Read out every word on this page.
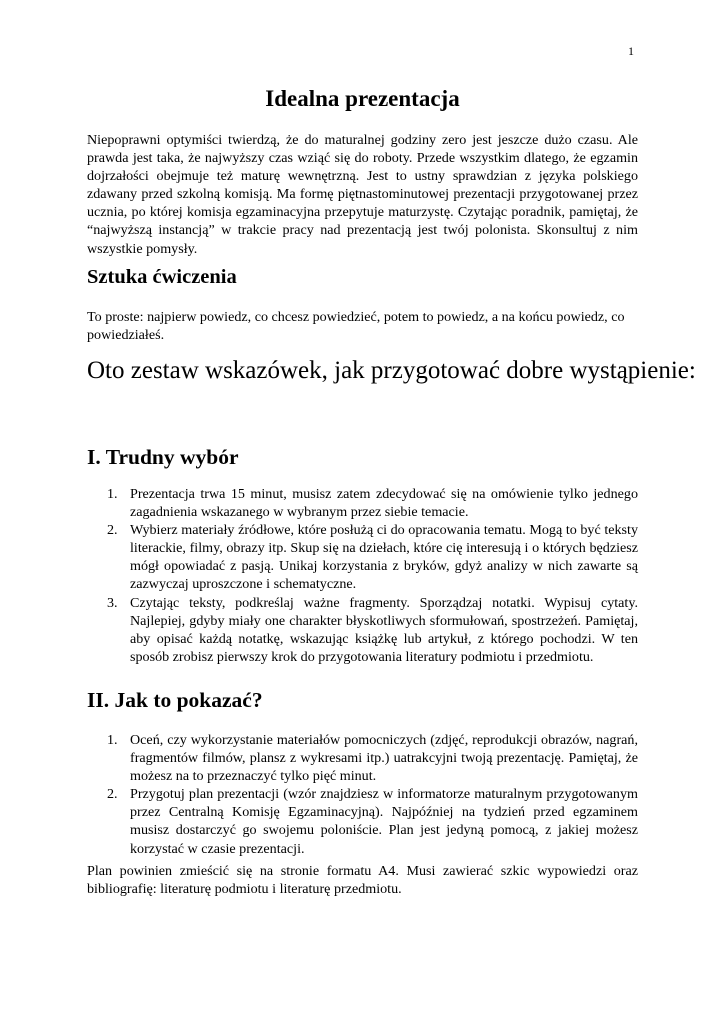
1
Idealna prezentacja

Niepoprawni optymiści twierdzą, że do maturalnej godziny zero jest jeszcze dużo czasu. Ale prawda jest taka, że najwyższy czas wziąć się do roboty. Przede wszystkim dlatego, że egzamin dojrzałości obejmuje też maturę wewnętrzną. Jest to ustny sprawdzian z języka polskiego zdawany przed szkolną komisją. Ma formę piętnastominutowej prezentacji przygotowanej przez ucznia, po której komisja egzaminacyjna przepytuje maturzystę. Czytając poradnik, pamiętaj, że “najwyższą instancją” w trakcie pracy nad prezentacją jest twój polonista. Skonsultuj z nim wszystkie pomysły.

Sztuka ćwiczenia

To proste: najpierw powiedz, co chcesz powiedzieć, potem to powiedz, a na końcu powiedz, co powiedziałeś.

Oto zestaw wskazówek, jak przygotować dobre wystąpienie:
I. Trudny wybór
1. Prezentacja trwa 15 minut, musisz zatem zdecydować się na omówienie tylko jednego zagadnienia wskazanego w wybranym przez siebie temacie.
2. Wybierz materiały źródłowe, które posłużą ci do opracowania tematu. Mogą to być teksty literackie, filmy, obrazy itp. Skup się na dziełach, które cię interesują i o których będziesz mógł opowiadać z pasją. Unikaj korzystania z bryków, gdyż analizy w nich zawarte są zazwyczaj uproszczone i schematyczne.
3. Czytając teksty, podkreślaj ważne fragmenty. Sporządzaj notatki. Wypisuj cytaty. Najlepiej, gdyby miały one charakter błyskotliwych sformułowań, spostrzeżeń. Pamiętaj, aby opisać każdą notatkę, wskazując książkę lub artykuł, z którego pochodzi. W ten sposób zrobisz pierwszy krok do przygotowania literatury podmiotu i przedmiotu.
II. Jak to pokazać?
1. Oceń, czy wykorzystanie materiałów pomocniczych (zdjęć, reprodukcji obrazów, nagrań, fragmentów filmów, plansz z wykresami itp.) uatrakcyjni twoją prezentację. Pamiętaj, że możesz na to przeznaczyć tylko pięć minut.
2. Przygotuj plan prezentacji (wzór znajdziesz w informatorze maturalnym przygotowanym przez Centralną Komisję Egzaminacyjną). Najpóźniej na tydzień przed egzaminem musisz dostarczyć go swojemu poloniście. Plan jest jedyną pomocą, z jakiej możesz korzystać w czasie prezentacji.

Plan powinien zmieścić się na stronie formatu A4. Musi zawierać szkic wypowiedzi oraz bibliografię: literaturę podmiotu i literaturę przedmiotu.
